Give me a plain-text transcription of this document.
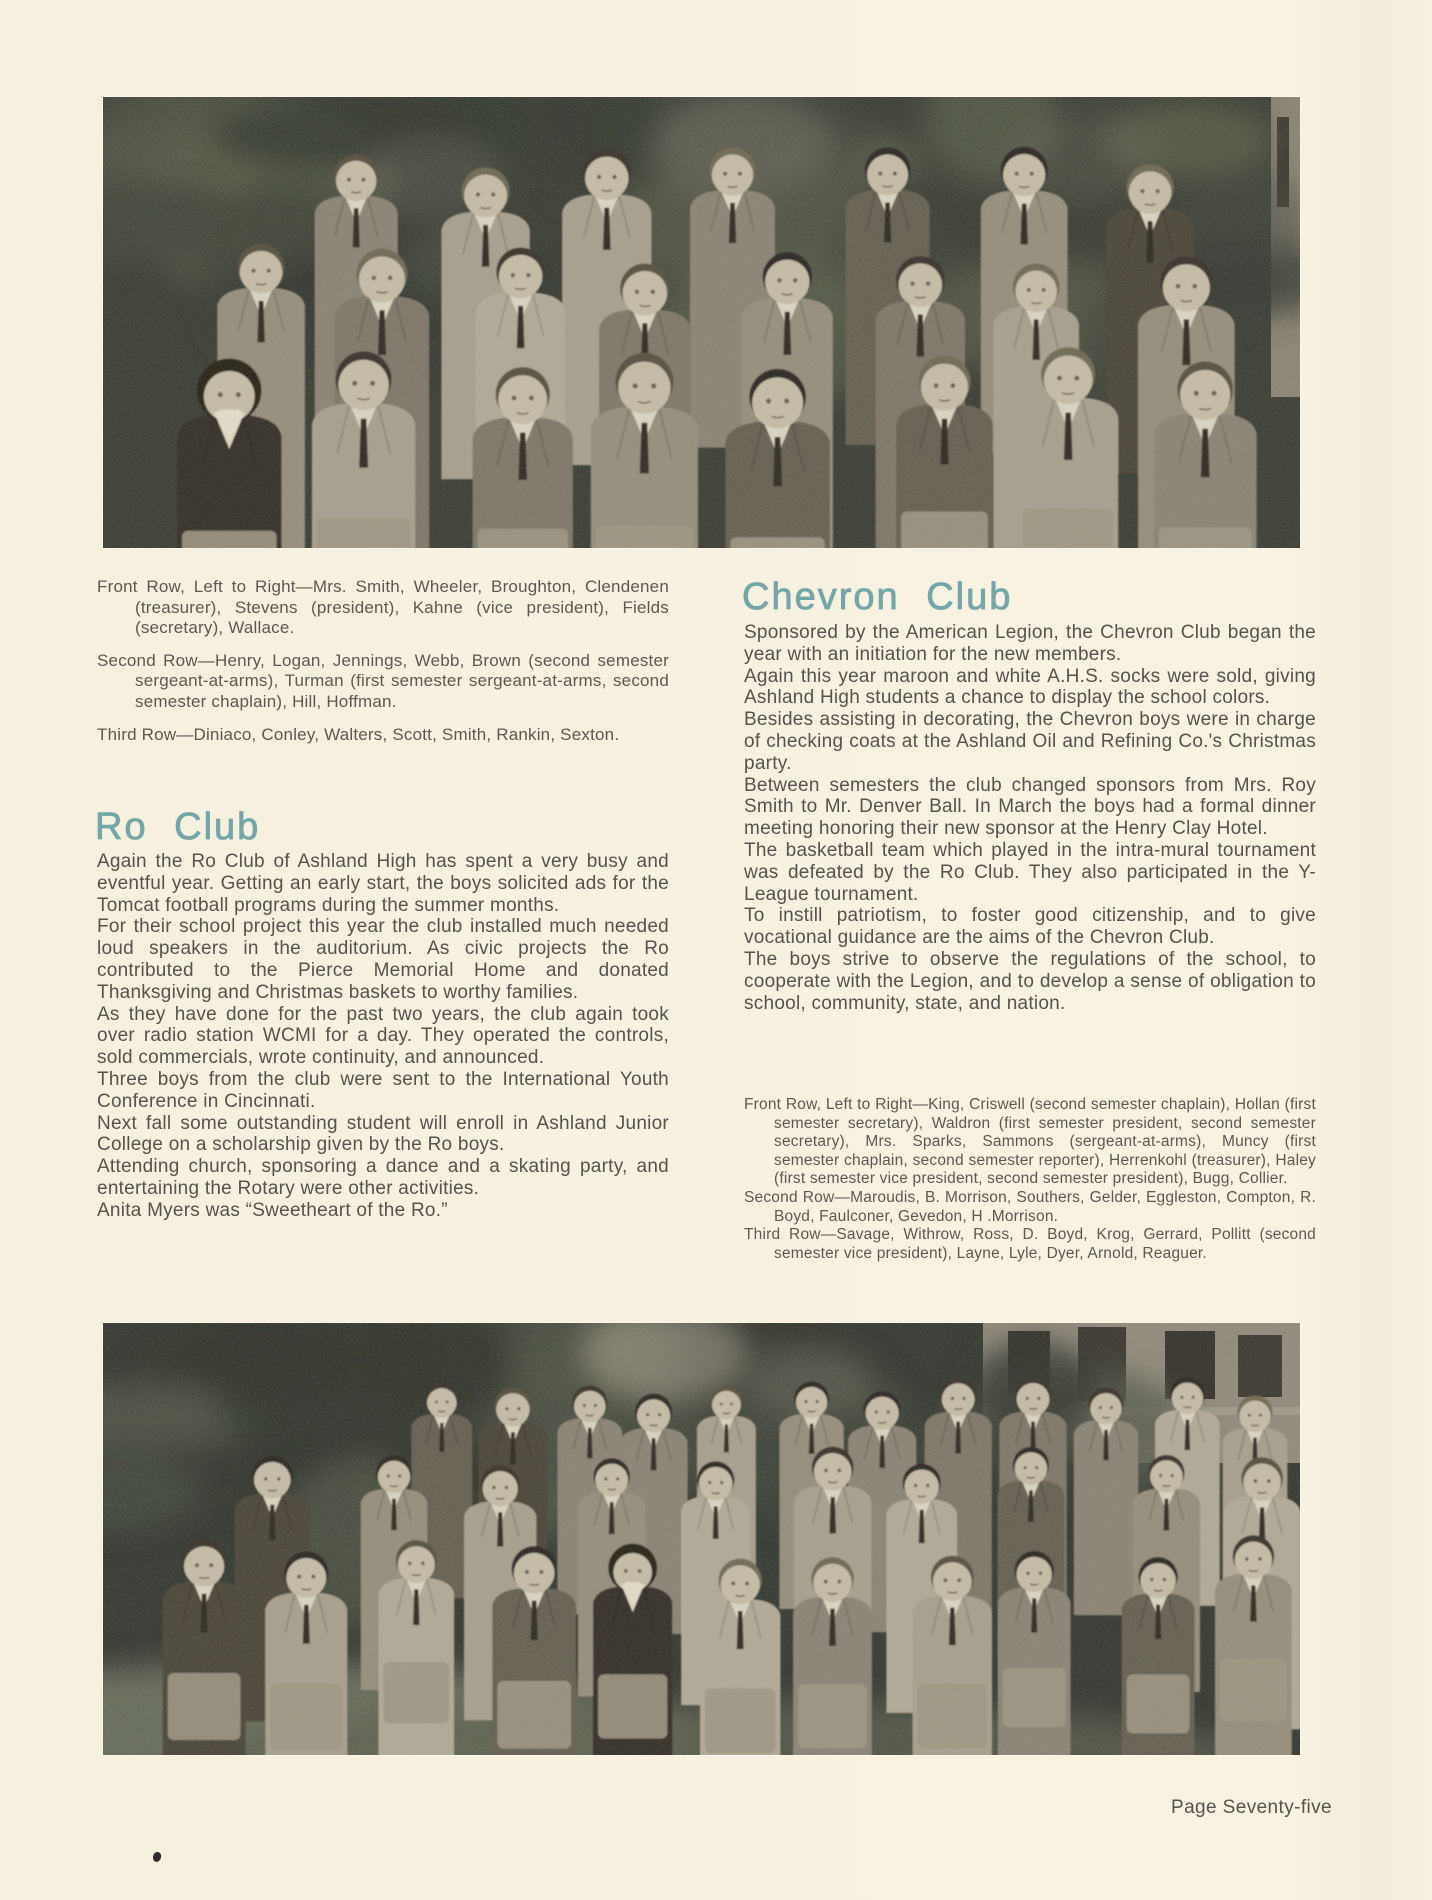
Front Row, Left to Right—Mrs. Smith, Wheeler, Broughton, Clendenen (treasurer), Stevens (president), Kahne (vice president), Fields (secretary), Wallace.

Second Row—Henry, Logan, Jennings, Webb, Brown (second semester sergeant-at-arms), Turman (first semester sergeant-at-arms, second semester chaplain), Hill, Hoffman.

Third Row—Diniaco, Conley, Walters, Scott, Smith, Rankin, Sexton.

Chevron Club

Sponsored by the American Legion, the Chevron Club began the year with an initiation for the new members.

Again this year maroon and white A.H.S. socks were sold, giving Ashland High students a chance to display the school colors.

Besides assisting in decorating, the Chevron boys were in charge of checking coats at the Ashland Oil and Refining Co.'s Christmas party.

Between semesters the club changed sponsors from Mrs. Roy Smith to Mr. Denver Ball. In March the boys had a formal dinner meeting honoring their new sponsor at the Henry Clay Hotel.

The basketball team which played in the intra-mural tournament was defeated by the Ro Club. They also participated in the Y-League tournament.

To instill patriotism, to foster good citizenship, and to give vocational guidance are the aims of the Chevron Club.

The boys strive to observe the regulations of the school, to cooperate with the Legion, and to develop a sense of obligation to school, community, state, and nation.

Ro Club

Again the Ro Club of Ashland High has spent a very busy and eventful year. Getting an early start, the boys solicited ads for the Tomcat football programs during the summer months.

For their school project this year the club installed much needed loud speakers in the auditorium. As civic projects the Ro contributed to the Pierce Memorial Home and donated Thanksgiving and Christmas baskets to worthy families.

As they have done for the past two years, the club again took over radio station WCMI for a day. They operated the controls, sold commercials, wrote continuity, and announced.

Three boys from the club were sent to the International Youth Conference in Cincinnati.

Next fall some outstanding student will enroll in Ashland Junior College on a scholarship given by the Ro boys.

Attending church, sponsoring a dance and a skating party, and entertaining the Rotary were other activities.

Anita Myers was “Sweetheart of the Ro.”

Front Row, Left to Right—King, Criswell (second semester chaplain), Hollan (first semester secretary), Waldron (first semester president, second semester secretary), Mrs. Sparks, Sammons (sergeant-at-arms), Muncy (first semester chaplain, second semester reporter), Herrenkohl (treasurer), Haley (first semester vice president, second semester president), Bugg, Collier.

Second Row—Maroudis, B. Morrison, Southers, Gelder, Eggleston, Compton, R. Boyd, Faulconer, Gevedon, H .Morrison.

Third Row—Savage, Withrow, Ross, D. Boyd, Krog, Gerrard, Pollitt (second semester vice president), Layne, Lyle, Dyer, Arnold, Reaguer.

Page Seventy-five
